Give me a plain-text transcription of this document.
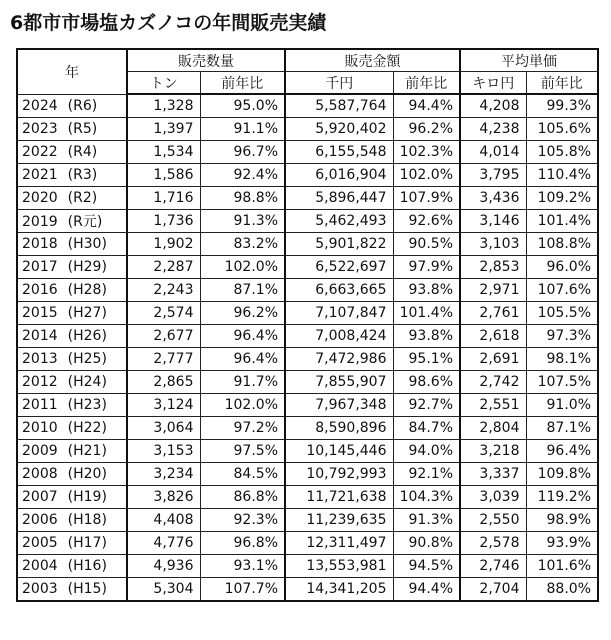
6都市市場塩カズノコの年間販売実績
年	販売数量		販売金額		平均単価	
	トン	前年比	千円	前年比	キロ円	前年比
2024 (R6)	1,328	95.0%	5,587,764	94.4%	4,208	99.3%
2023 (R5)	1,397	91.1%	5,920,402	96.2%	4,238	105.6%
2022 (R4)	1,534	96.7%	6,155,548	102.3%	4,014	105.8%
2021 (R3)	1,586	92.4%	6,016,904	102.0%	3,795	110.4%
2020 (R2)	1,716	98.8%	5,896,447	107.9%	3,436	109.2%
2019 (R元)	1,736	91.3%	5,462,493	92.6%	3,146	101.4%
2018 (H30)	1,902	83.2%	5,901,822	90.5%	3,103	108.8%
2017 (H29)	2,287	102.0%	6,522,697	97.9%	2,853	96.0%
2016 (H28)	2,243	87.1%	6,663,665	93.8%	2,971	107.6%
2015 (H27)	2,574	96.2%	7,107,847	101.4%	2,761	105.5%
2014 (H26)	2,677	96.4%	7,008,424	93.8%	2,618	97.3%
2013 (H25)	2,777	96.4%	7,472,986	95.1%	2,691	98.1%
2012 (H24)	2,865	91.7%	7,855,907	98.6%	2,742	107.5%
2011 (H23)	3,124	102.0%	7,967,348	92.7%	2,551	91.0%
2010 (H22)	3,064	97.2%	8,590,896	84.7%	2,804	87.1%
2009 (H21)	3,153	97.5%	10,145,446	94.0%	3,218	96.4%
2008 (H20)	3,234	84.5%	10,792,993	92.1%	3,337	109.8%
2007 (H19)	3,826	86.8%	11,721,638	104.3%	3,039	119.2%
2006 (H18)	4,408	92.3%	11,239,635	91.3%	2,550	98.9%
2005 (H17)	4,776	96.8%	12,311,497	90.8%	2,578	93.9%
2004 (H16)	4,936	93.1%	13,553,981	94.5%	2,746	101.6%
2003 (H15)	5,304	107.7%	14,341,205	94.4%	2,704	88.0%
